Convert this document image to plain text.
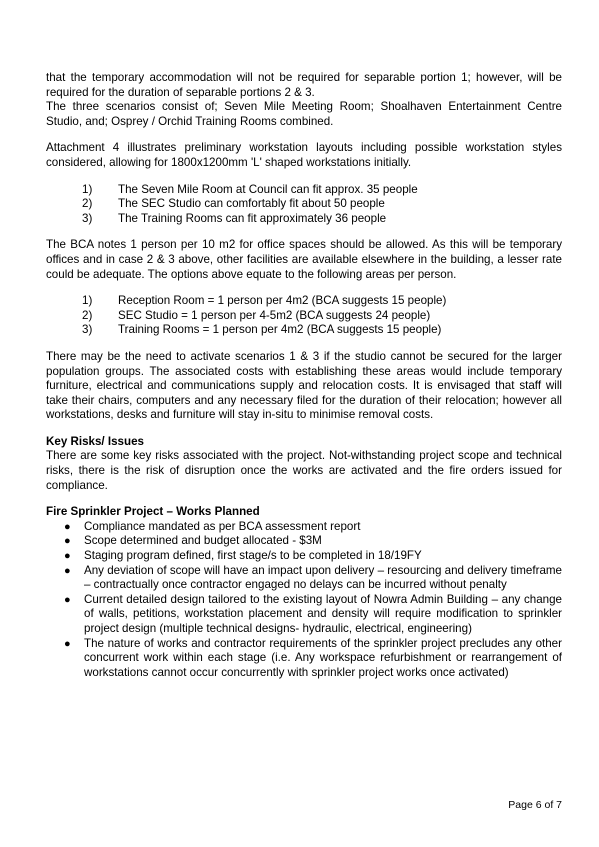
that the temporary accommodation will not be required for separable portion 1; however, will be required for the duration of separable portions 2 & 3.

The three scenarios consist of; Seven Mile Meeting Room; Shoalhaven Entertainment Centre Studio, and; Osprey / Orchid Training Rooms combined.

Attachment 4 illustrates preliminary workstation layouts including possible workstation styles considered, allowing for 1800x1200mm 'L' shaped workstations initially.

1)	The Seven Mile Room at Council can fit approx. 35 people
2)	The SEC Studio can comfortably fit about 50 people
3)	The Training Rooms can fit approximately 36 people

The BCA notes 1 person per 10 m2 for office spaces should be allowed. As this will be temporary offices and in case 2 & 3 above, other facilities are available elsewhere in the building, a lesser rate could be adequate. The options above equate to the following areas per person.

1)	Reception Room = 1 person per 4m2 (BCA suggests 15 people)
2)	SEC Studio = 1 person per 4-5m2 (BCA suggests 24 people)
3)	Training Rooms = 1 person per 4m2 (BCA suggests 15 people)

There may be the need to activate scenarios 1 & 3 if the studio cannot be secured for the larger population groups. The associated costs with establishing these areas would include temporary furniture, electrical and communications supply and relocation costs. It is envisaged that staff will take their chairs, computers and any necessary filed for the duration of their relocation; however all workstations, desks and furniture will stay in-situ to minimise removal costs.

Key Risks/ Issues

There are some key risks associated with the project. Not-withstanding project scope and technical risks, there is the risk of disruption once the works are activated and the fire orders issued for compliance.

Fire Sprinkler Project – Works Planned

●	Compliance mandated as per BCA assessment report
●	Scope determined and budget allocated - $3M
●	Staging program defined, first stage/s to be completed in 18/19FY
●	Any deviation of scope will have an impact upon delivery – resourcing and delivery timeframe – contractually once contractor engaged no delays can be incurred without penalty
●	Current detailed design tailored to the existing layout of Nowra Admin Building – any change of walls, petitions, workstation placement and density will require modification to sprinkler project design (multiple technical designs- hydraulic, electrical, engineering)
●	The nature of works and contractor requirements of the sprinkler project precludes any other concurrent work within each stage (i.e. Any workspace refurbishment or rearrangement of workstations cannot occur concurrently with sprinkler project works once activated)
Page 6 of 7
